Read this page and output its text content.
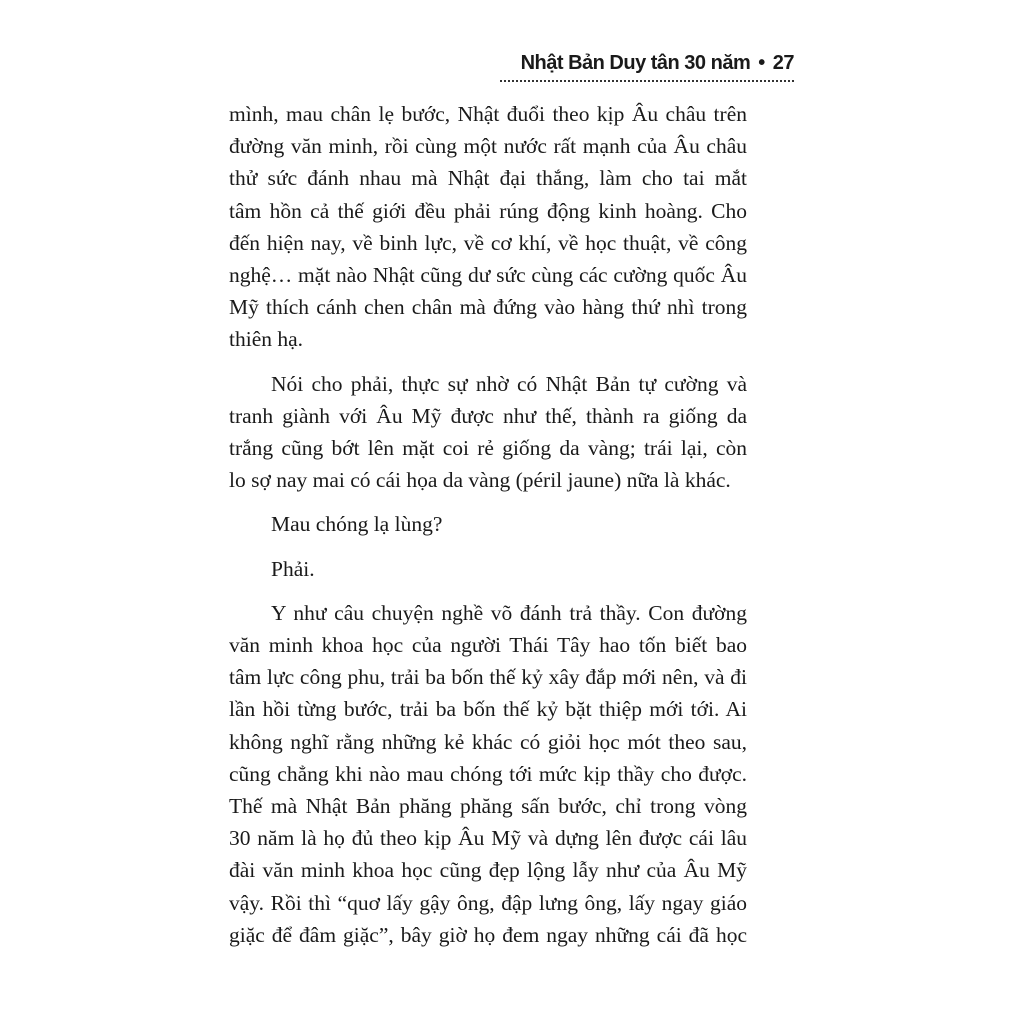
Nhật Bản Duy tân 30 năm • 27
mình, mau chân lẹ bước, Nhật đuổi theo kịp Âu châu trên
đường văn minh, rồi cùng một nước rất mạnh của Âu châu
thử sức đánh nhau mà Nhật đại thắng, làm cho tai mắt
tâm hồn cả thế giới đều phải rúng động kinh hoàng. Cho
đến hiện nay, về binh lực, về cơ khí, về học thuật, về công
nghệ… mặt nào Nhật cũng dư sức cùng các cường quốc Âu
Mỹ thích cánh chen chân mà đứng vào hàng thứ nhì trong
thiên hạ.
Nói cho phải, thực sự nhờ có Nhật Bản tự cường và
tranh giành với Âu Mỹ được như thế, thành ra giống da
trắng cũng bớt lên mặt coi rẻ giống da vàng; trái lại, còn
lo sợ nay mai có cái họa da vàng (péril jaune) nữa là khác.
Mau chóng lạ lùng?
Phải.
Y như câu chuyện nghề võ đánh trả thầy. Con đường
văn minh khoa học của người Thái Tây hao tốn biết bao
tâm lực công phu, trải ba bốn thế kỷ xây đắp mới nên, và đi
lần hồi từng bước, trải ba bốn thế kỷ bặt thiệp mới tới. Ai
không nghĩ rằng những kẻ khác có giỏi học mót theo sau,
cũng chẳng khi nào mau chóng tới mức kịp thầy cho được.
Thế mà Nhật Bản phăng phăng sấn bước, chỉ trong vòng
30 năm là họ đủ theo kịp Âu Mỹ và dựng lên được cái lâu
đài văn minh khoa học cũng đẹp lộng lẫy như của Âu Mỹ
vậy. Rồi thì “quơ lấy gậy ông, đập lưng ông, lấy ngay giáo
giặc để đâm giặc”, bây giờ họ đem ngay những cái đã học
